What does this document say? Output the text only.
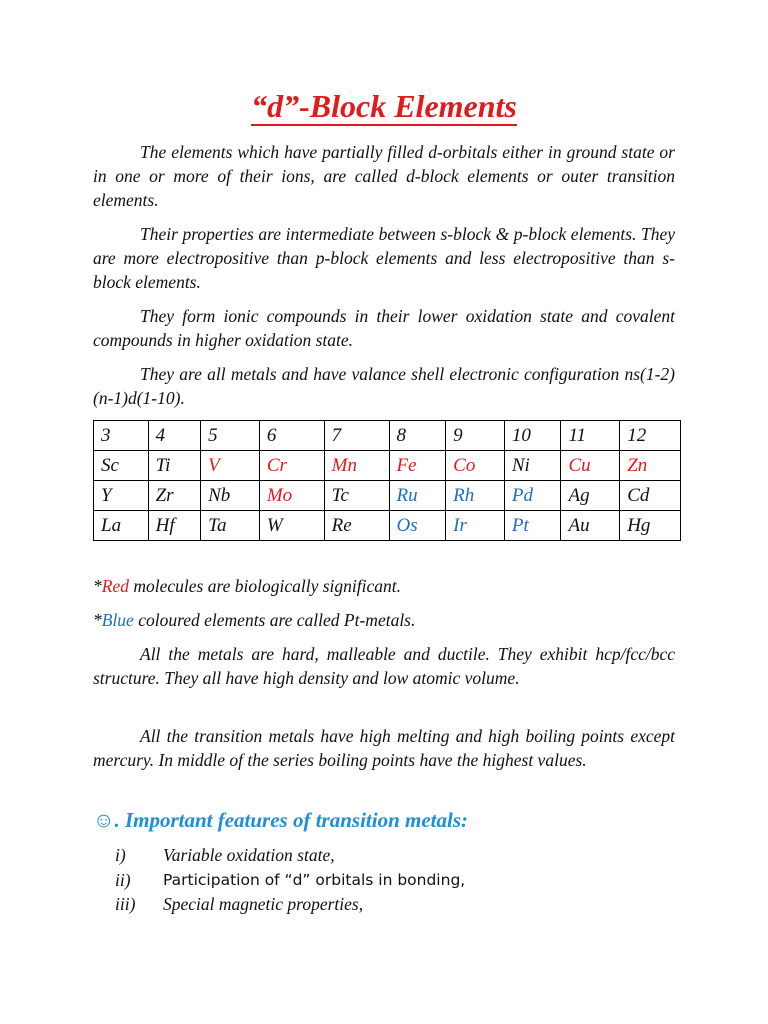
“d”-Block Elements

The elements which have partially filled d-orbitals either in ground state or in one or more of their ions, are called d-block elements or outer transition elements.

Their properties are intermediate between s-block & p-block elements. They are more electropositive than p-block elements and less electropositive than s-block elements.

They form ionic compounds in their lower oxidation state and covalent compounds in higher oxidation state.

They are all metals and have valance shell electronic configuration ns(1-2) (n-1)d(1-10).

3	4	5	6	7	8	9	10	11	12
Sc	Ti	V	Cr	Mn	Fe	Co	Ni	Cu	Zn
Y	Zr	Nb	Mo	Tc	Ru	Rh	Pd	Ag	Cd
La	Hf	Ta	W	Re	Os	Ir	Pt	Au	Hg

*Red molecules are biologically significant.

*Blue coloured elements are called Pt-metals.

All the metals are hard, malleable and ductile. They exhibit hcp/fcc/bcc structure. They all have high density and low atomic volume.

All the transition metals have high melting and high boiling points except mercury. In middle of the series boiling points have the highest values.

☺. Important features of transition metals:
i)	Variable oxidation state,
ii)	Participation of “d” orbitals in bonding,
iii)	Special magnetic properties,
